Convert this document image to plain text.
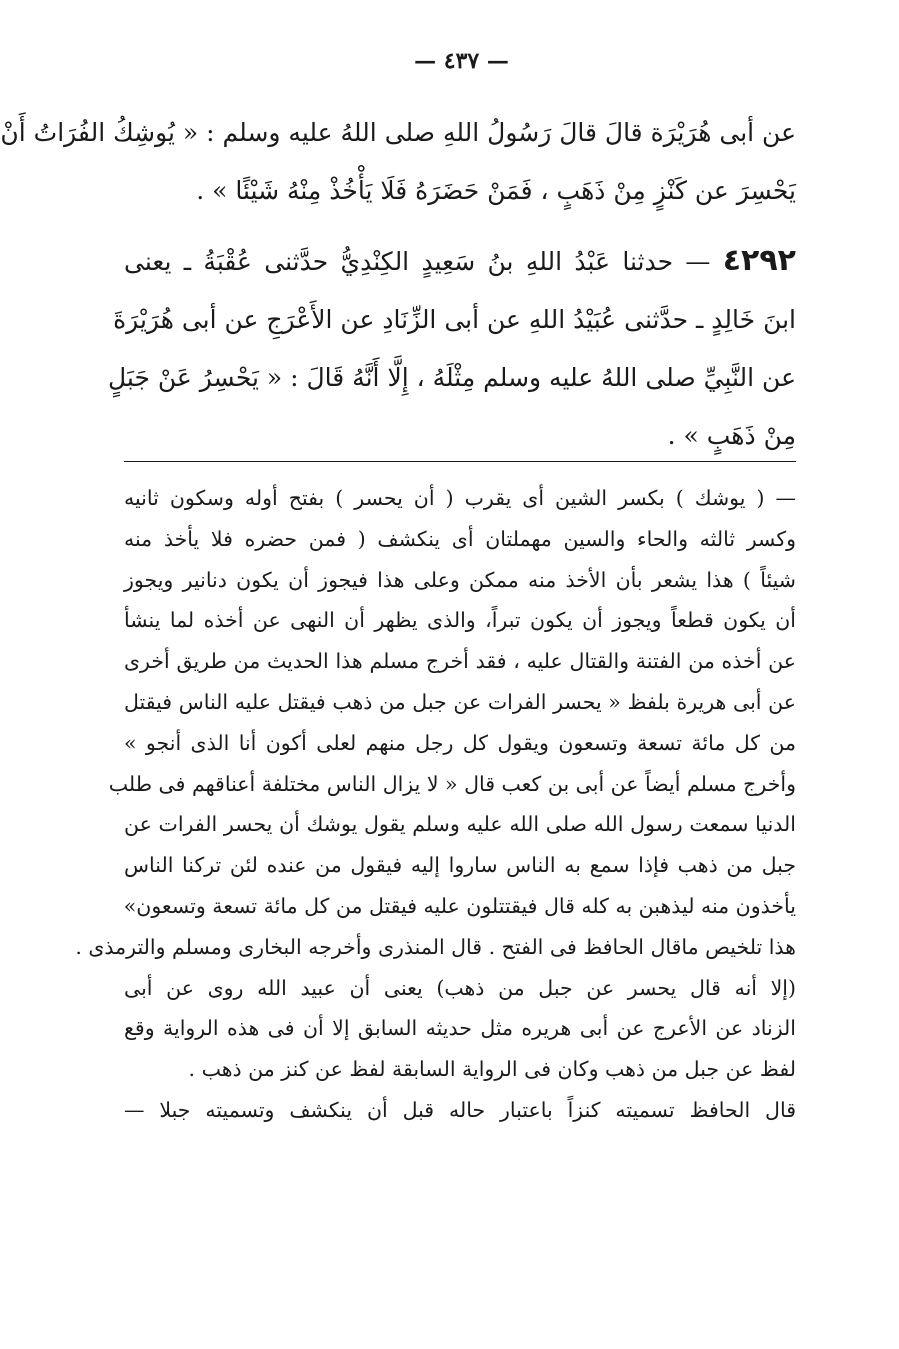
— ٤٣٧ —
عن أبى هُرَيْرَة قالَ قالَ رَسُولُ اللهِ صلى اللهُ عليه وسلم : « يُوشِكُ الفُرَاتُ أَنْ
يَحْسِرَ عن كَنْزٍ مِنْ ذَهَبٍ ، فَمَنْ حَضَرَهُ فَلَا يَأْخُذْ مِنْهُ شَيْئًا » .
٤٢٩٢ — حدثنا عَبْدُ اللهِ بنُ سَعِيدٍ الكِنْدِيُّ حدَّثنى عُقْبَةُ ـ يعنى
ابنَ خَالِدٍ ـ حدَّثنى عُبَيْدُ اللهِ عن أبى الزِّنَادِ عن الأَعْرَجِ عن أبى هُرَيْرَةَ
عن النَّبِيِّ صلى اللهُ عليه وسلم مِثْلَهُ ، إِلَّا أَنَّهُ قَالَ : « يَحْسِرُ عَنْ جَبَلٍ
مِنْ ذَهَبٍ » .
— ( يوشك ) بكسر الشين أى يقرب ( أن يحسر ) بفتح أوله وسكون ثانيه
وكسر ثالثه والحاء والسين مهملتان أى ينكشف ( فمن حضره فلا يأخذ منه
شيئاً ) هذا يشعر بأن الأخذ منه ممكن وعلى هذا فيجوز أن يكون دنانير ويجوز
أن يكون قطعاً ويجوز أن يكون تبراً، والذى يظهر أن النهى عن أخذه لما ينشأ
عن أخذه من الفتنة والقتال عليه ، فقد أخرج مسلم هذا الحديث من طريق أخرى
عن أبى هريرة بلفظ « يحسر الفرات عن جبل من ذهب فيقتل عليه الناس فيقتل
من كل مائة تسعة وتسعون ويقول كل رجل منهم لعلى أكون أنا الذى أنجو »
وأخرج مسلم أيضاً عن أبى بن كعب قال « لا يزال الناس مختلفة أعناقهم فى طلب
الدنيا سمعت رسول الله صلى الله عليه وسلم يقول يوشك أن يحسر الفرات عن
جبل من ذهب فإذا سمع به الناس ساروا إليه فيقول من عنده لئن تركنا الناس
يأخذون منه ليذهبن به كله قال فيقتتلون عليه فيقتل من كل مائة تسعة وتسعون»
هذا تلخيص ماقال الحافظ فى الفتح . قال المنذرى وأخرجه البخارى ومسلم والترمذى .
(إلا أنه قال يحسر عن جبل من ذهب) يعنى أن عبيد الله روى عن أبى
الزناد عن الأعرج عن أبى هريره مثل حديثه السابق إلا أن فى هذه الرواية وقع
لفظ عن جبل من ذهب وكان فى الرواية السابقة لفظ عن كنز من ذهب .
قال الحافظ تسميته كنزاً باعتبار حاله قبل أن ينكشف وتسميته جبلا —
